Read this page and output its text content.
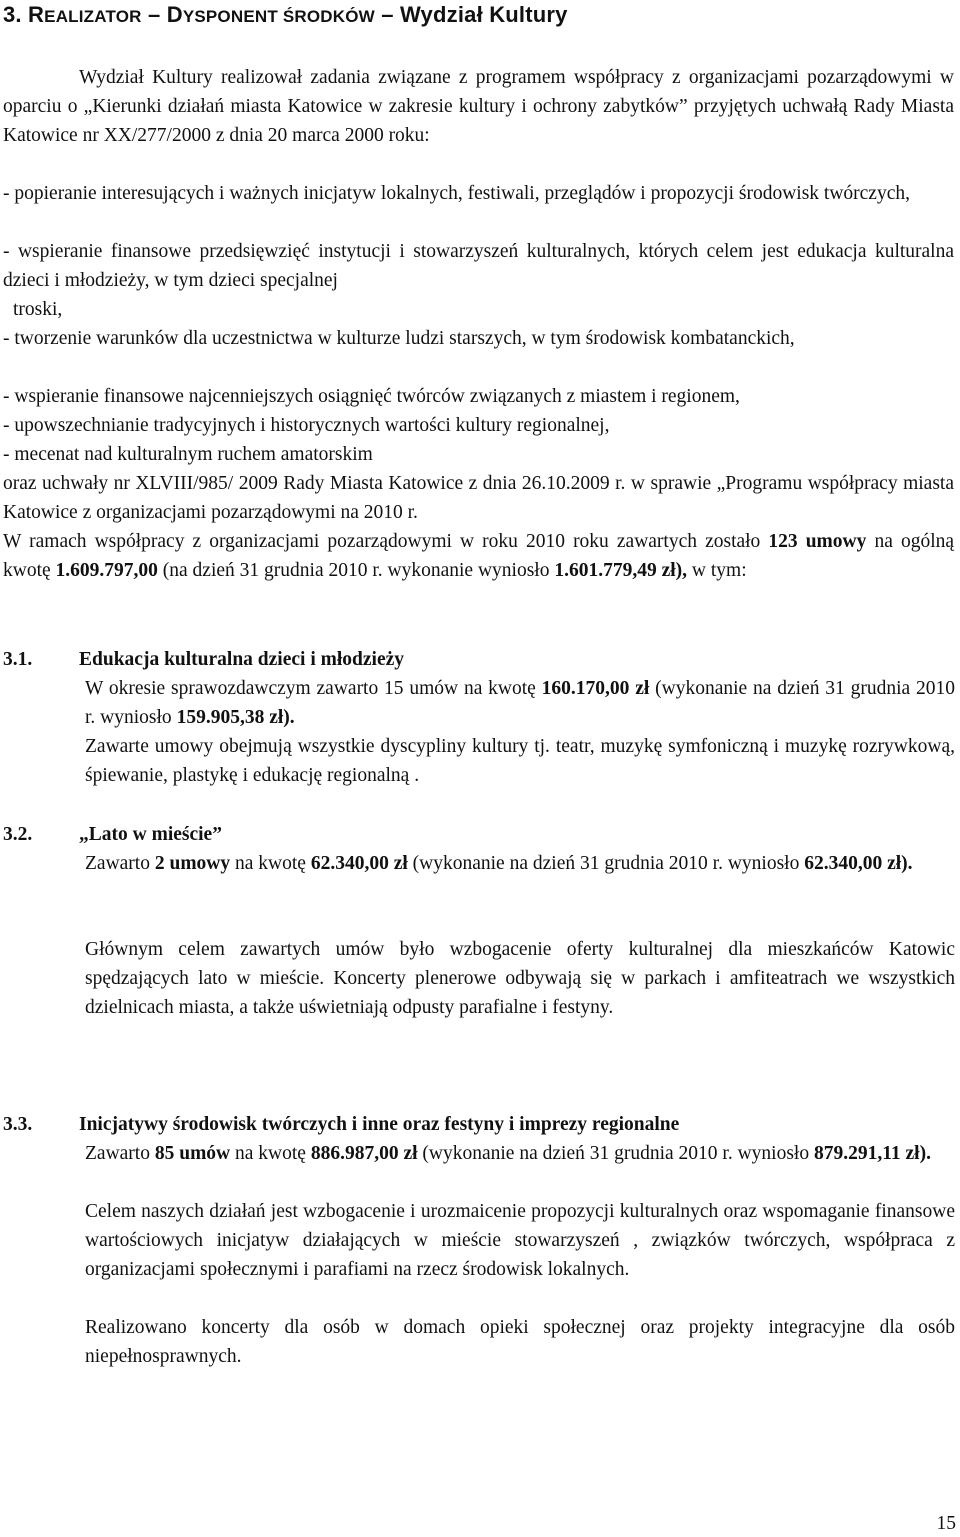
3. REALIZATOR – DYSPONENT ŚRODKÓW – Wydział Kultury
Wydział Kultury realizował zadania związane z programem współpracy z organizacjami pozarządowymi w oparciu o „Kierunki działań miasta Katowice w zakresie kultury i ochrony zabytków” przyjętych uchwałą Rady Miasta Katowice nr XX/277/2000 z dnia 20 marca 2000 roku:
- popieranie interesujących i ważnych inicjatyw lokalnych, festiwali, przeglądów i propozycji środowisk twórczych,
- wspieranie finansowe przedsięwzięć instytucji i stowarzyszeń kulturalnych, których celem jest edukacja kulturalna dzieci i młodzieży, w tym dzieci specjalnej
troski,
- tworzenie warunków dla uczestnictwa w kulturze ludzi starszych, w tym środowisk kombatanckich,
- wspieranie finansowe najcenniejszych osiągnięć twórców związanych z miastem i regionem,
- upowszechnianie tradycyjnych i historycznych wartości kultury regionalnej,
- mecenat nad kulturalnym ruchem amatorskim
oraz uchwały nr XLVIII/985/ 2009 Rady Miasta Katowice z dnia 26.10.2009 r. w sprawie „Programu współpracy miasta Katowice z organizacjami pozarządowymi na 2010 r.
W ramach współpracy z organizacjami pozarządowymi w roku 2010 roku zawartych zostało 123 umowy na ogólną kwotę 1.609.797,00 (na dzień 31 grudnia 2010 r. wykonanie wyniosło 1.601.779,49 zł), w tym:
3.1. Edukacja kulturalna dzieci i młodzieży
W okresie sprawozdawczym zawarto 15 umów na kwotę 160.170,00 zł (wykonanie na dzień 31 grudnia 2010 r. wyniosło 159.905,38 zł).
Zawarte umowy obejmują wszystkie dyscypliny kultury tj. teatr, muzykę symfoniczną i muzykę rozrywkową, śpiewanie, plastykę i edukację regionalną .
3.2. „Lato w mieście”
Zawarto 2 umowy na kwotę 62.340,00 zł (wykonanie na dzień 31 grudnia 2010 r. wyniosło 62.340,00 zł).
Głównym celem zawartych umów było wzbogacenie oferty kulturalnej dla mieszkańców Katowic spędzających lato w mieście. Koncerty plenerowe odbywają się w parkach i amfiteatrach we wszystkich dzielnicach miasta, a także uświetniają odpusty parafialne i festyny.
3.3. Inicjatywy środowisk twórczych i inne oraz festyny i imprezy regionalne
Zawarto 85 umów na kwotę 886.987,00 zł (wykonanie na dzień 31 grudnia 2010 r. wyniosło 879.291,11 zł).
Celem naszych działań jest wzbogacenie i urozmaicenie propozycji kulturalnych oraz wspomaganie finansowe wartościowych inicjatyw działających w mieście stowarzyszeń , związków twórczych, współpraca z organizacjami społecznymi i parafiami na rzecz środowisk lokalnych.
Realizowano koncerty dla osób w domach opieki społecznej oraz projekty integracyjne dla osób niepełnosprawnych.
15
